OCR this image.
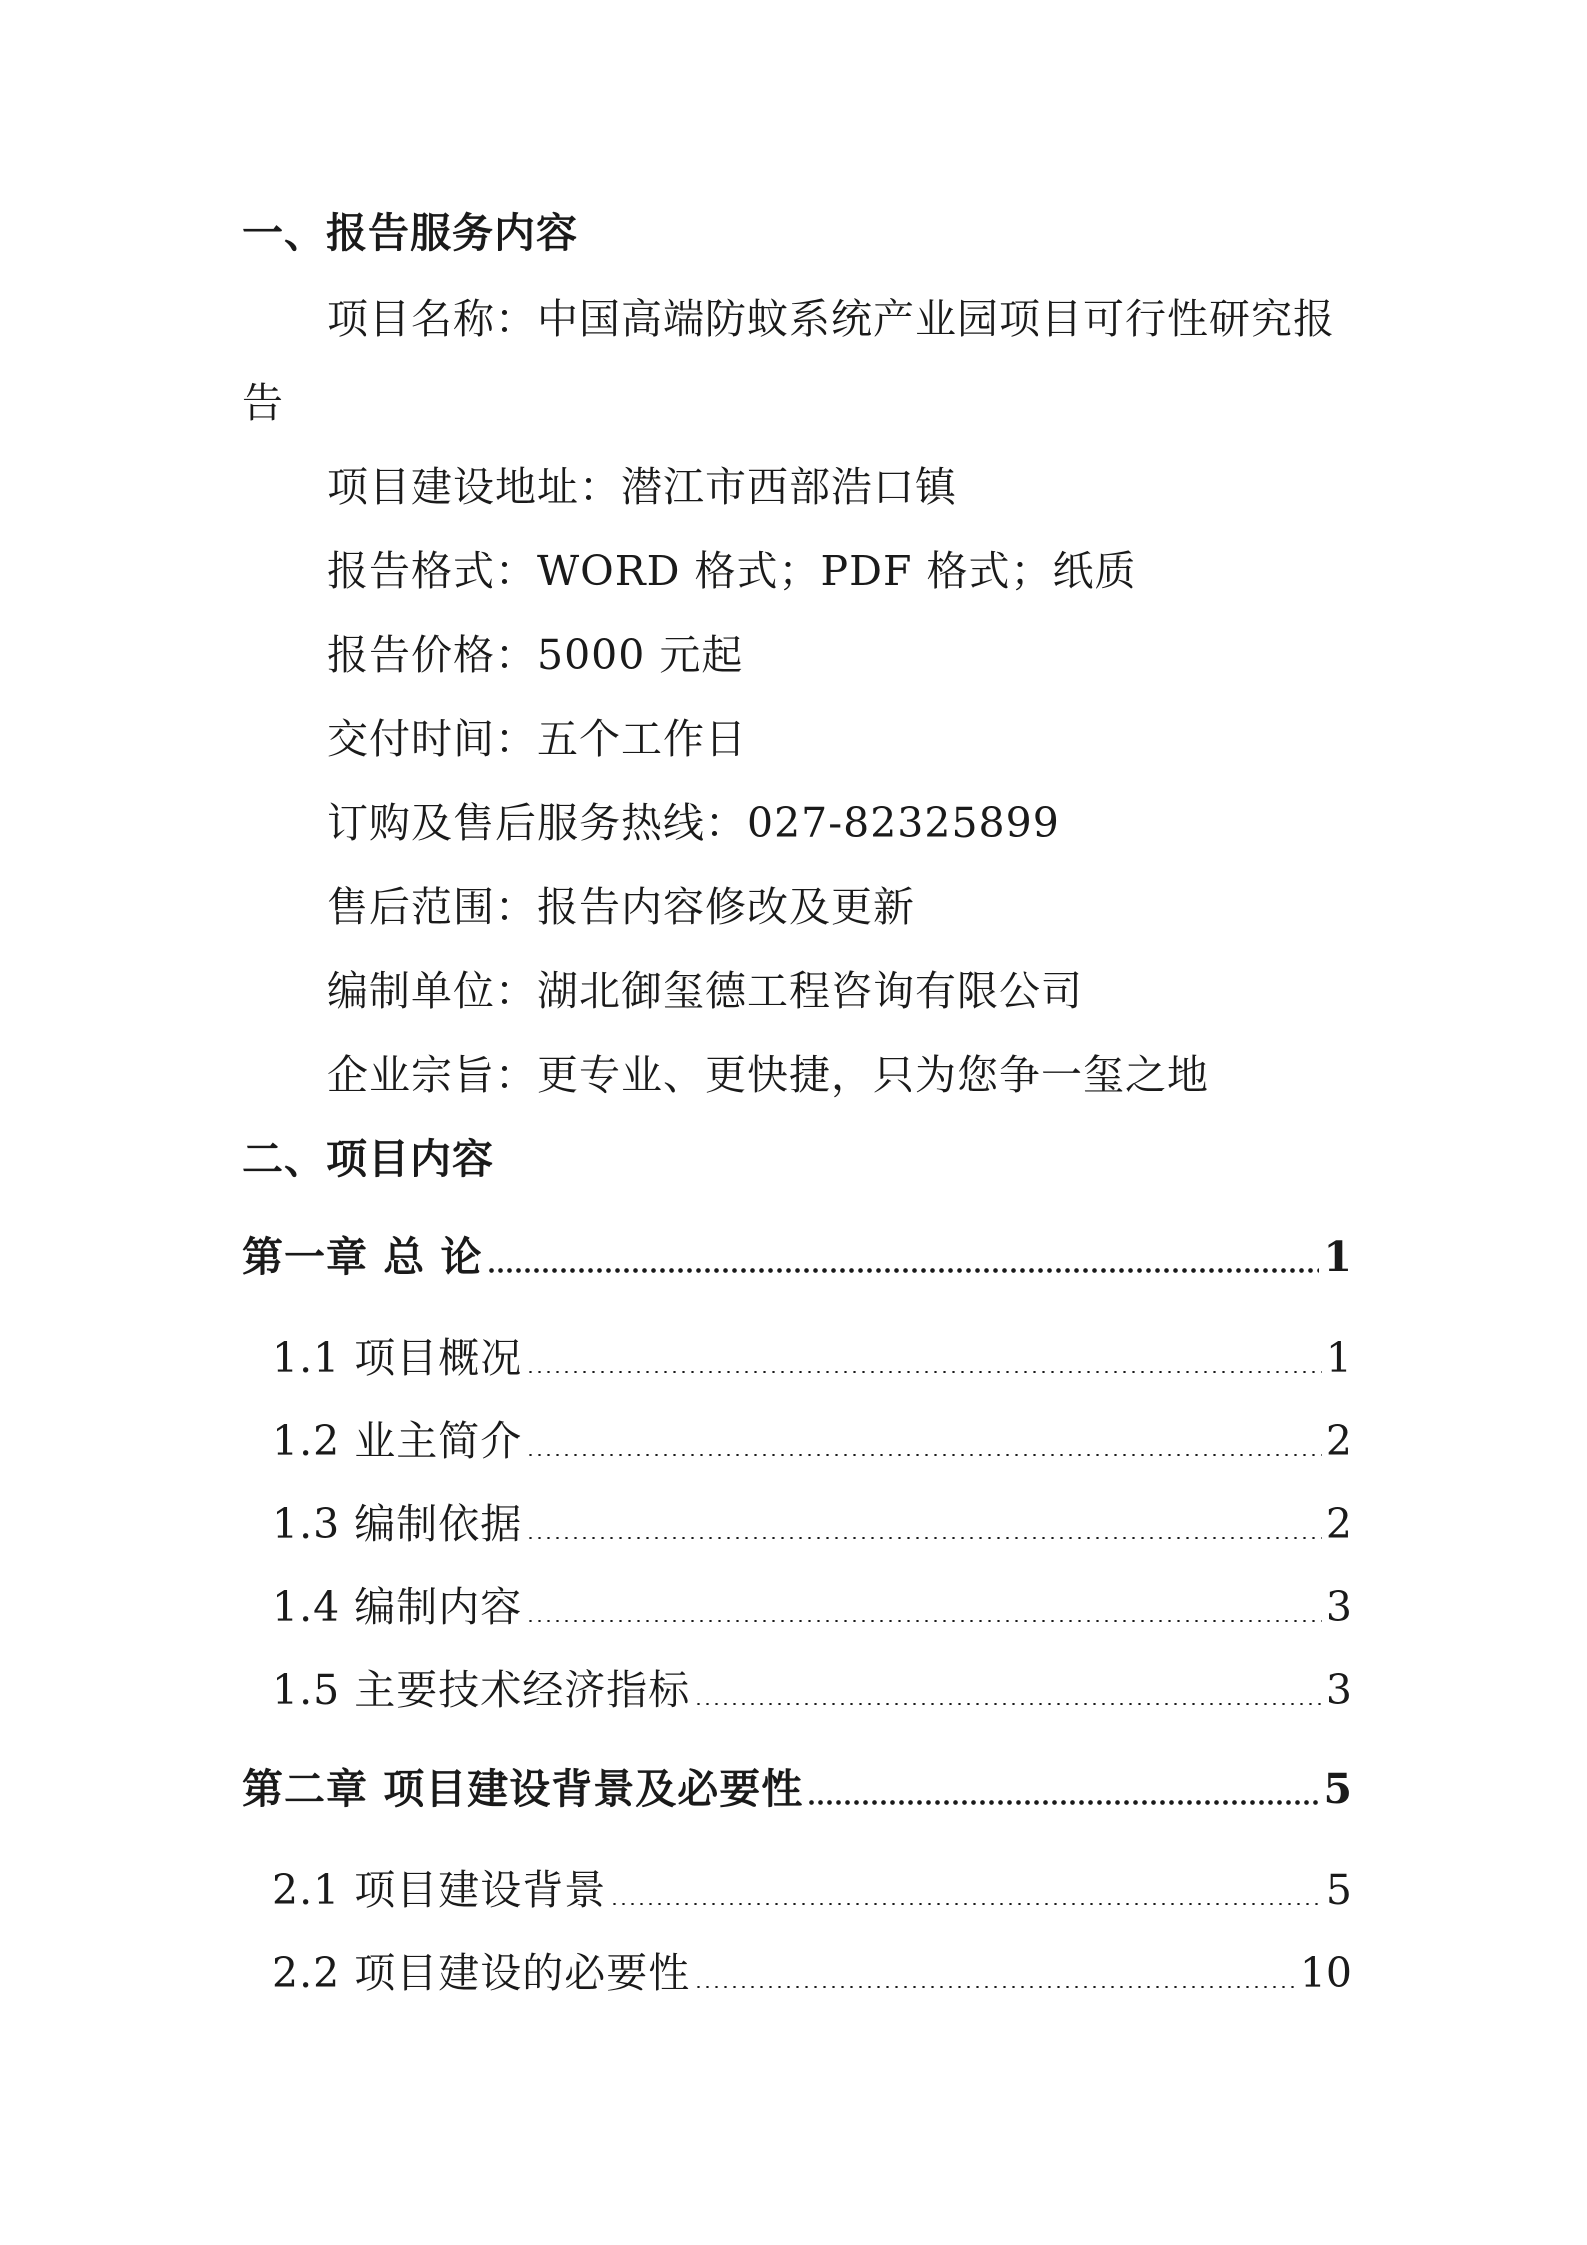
一、报告服务内容
项目名称：中国高端防蚊系统产业园项目可行性研究报
告
项目建设地址：潜江市西部浩口镇
报告格式：WORD 格式；PDF 格式；纸质
报告价格：5000 元起
交付时间：五个工作日
订购及售后服务热线：027-82325899
售后范围：报告内容修改及更新
编制单位：湖北御玺德工程咨询有限公司
企业宗旨：更专业、更快捷，只为您争一玺之地
二、项目内容
第一章 总 论	1
1.1 项目概况	1
1.2 业主简介	2
1.3 编制依据	2
1.4 编制内容	3
1.5 主要技术经济指标	3
第二章 项目建设背景及必要性	5
2.1 项目建设背景	5
2.2 项目建设的必要性	10
